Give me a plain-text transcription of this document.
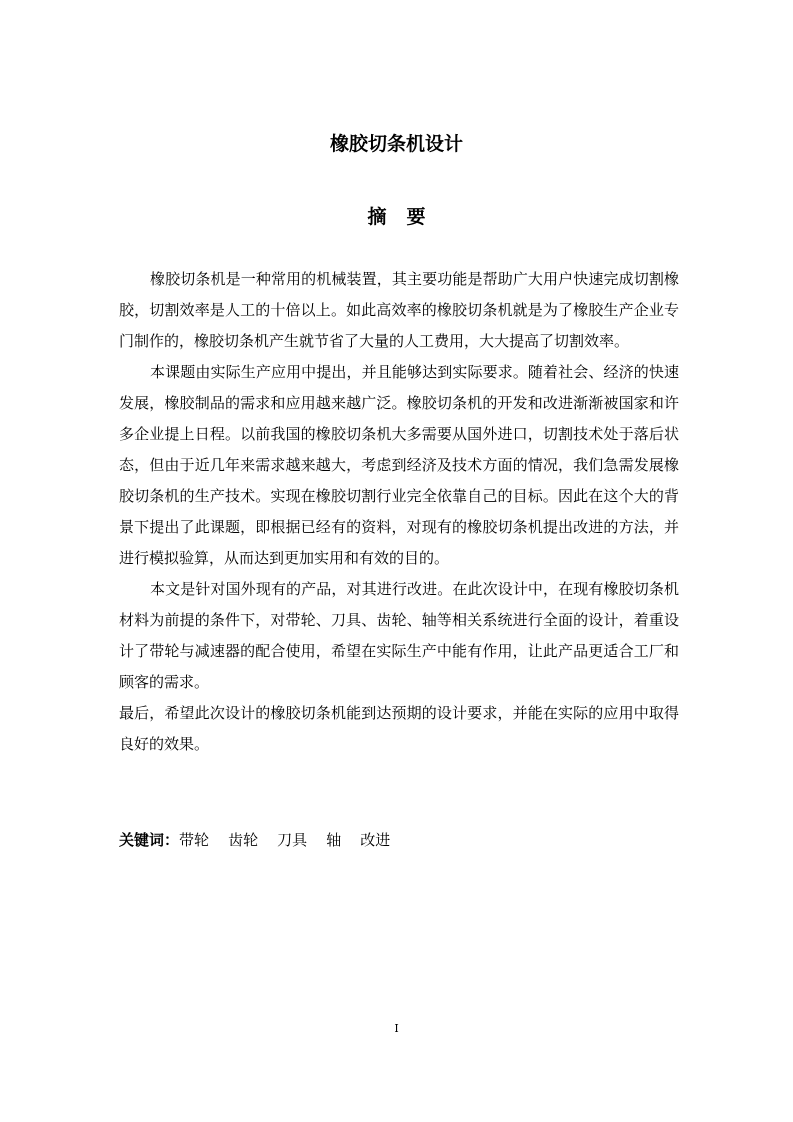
橡胶切条机设计
摘要

橡胶切条机是一种常用的机械装置，其主要功能是帮助广大用户快速完成切割橡胶，切割效率是人工的十倍以上。如此高效率的橡胶切条机就是为了橡胶生产企业专门制作的，橡胶切条机产生就节省了大量的人工费用，大大提高了切割效率。

本课题由实际生产应用中提出，并且能够达到实际要求。随着社会、经济的快速发展，橡胶制品的需求和应用越来越广泛。橡胶切条机的开发和改进渐渐被国家和许多企业提上日程。以前我国的橡胶切条机大多需要从国外进口，切割技术处于落后状态，但由于近几年来需求越来越大，考虑到经济及技术方面的情况，我们急需发展橡胶切条机的生产技术。实现在橡胶切割行业完全依靠自己的目标。因此在这个大的背景下提出了此课题，即根据已经有的资料，对现有的橡胶切条机提出改进的方法，并进行模拟验算，从而达到更加实用和有效的目的。

本文是针对国外现有的产品，对其进行改进。在此次设计中，在现有橡胶切条机材料为前提的条件下，对带轮、刀具、齿轮、轴等相关系统进行全面的设计，着重设计了带轮与减速器的配合使用，希望在实际生产中能有作用，让此产品更适合工厂和顾客的需求。

最后，希望此次设计的橡胶切条机能到达预期的设计要求，并能在实际的应用中取得良好的效果。

关键词：带轮    齿轮    刀具    轴    改进
I
